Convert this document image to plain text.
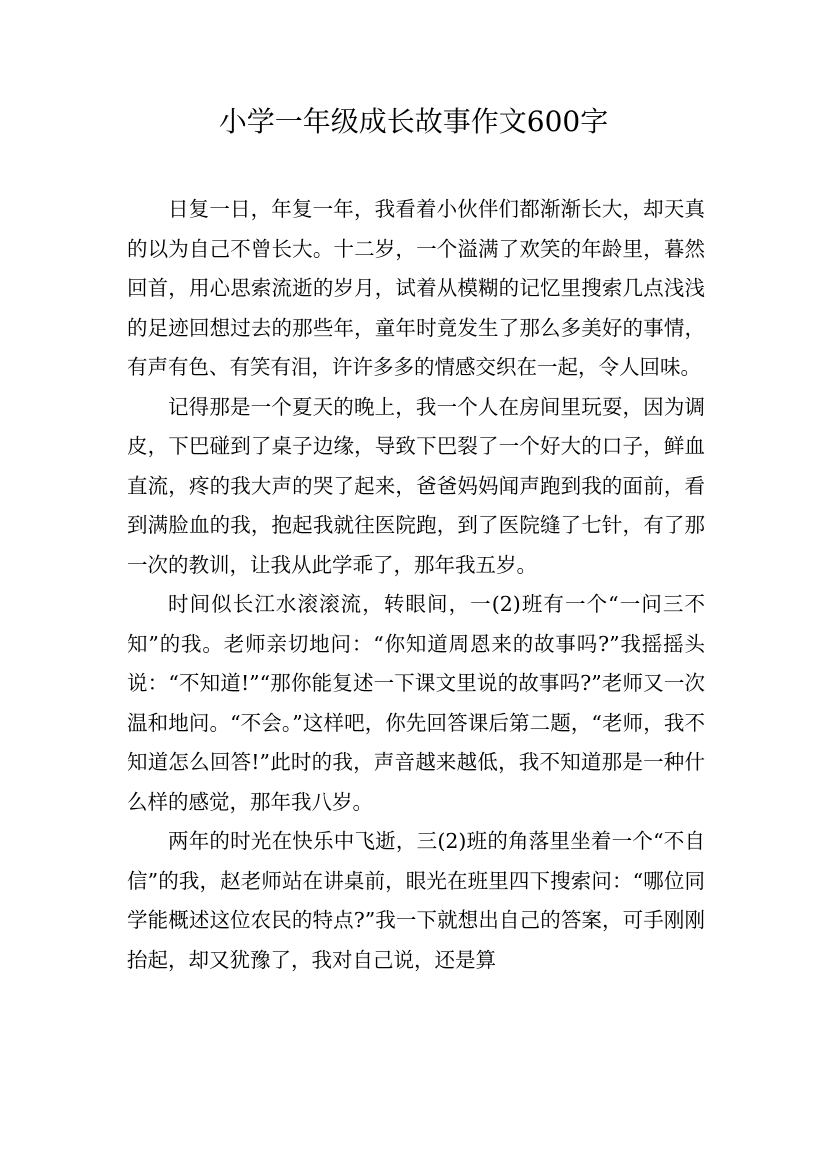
小学一年级成长故事作文600字

日复一日，年复一年，我看着小伙伴们都渐渐长大，却天真的以为自己不曾长大。十二岁，一个溢满了欢笑的年龄里，暮然回首，用心思索流逝的岁月，试着从模糊的记忆里搜索几点浅浅的足迹回想过去的那些年，童年时竟发生了那么多美好的事情，有声有色、有笑有泪，许许多多的情感交织在一起，令人回味。

记得那是一个夏天的晚上，我一个人在房间里玩耍，因为调皮，下巴碰到了桌子边缘，导致下巴裂了一个好大的口子，鲜血直流，疼的我大声的哭了起来，爸爸妈妈闻声跑到我的面前，看到满脸血的我，抱起我就往医院跑，到了医院缝了七针，有了那一次的教训，让我从此学乖了，那年我五岁。

时间似长江水滚滚流，转眼间，一(2)班有一个“一问三不知”的我。老师亲切地问：“你知道周恩来的故事吗?”我摇摇头说：“不知道!”“那你能复述一下课文里说的故事吗?”老师又一次温和地问。“不会。”这样吧，你先回答课后第二题，“老师，我不知道怎么回答!”此时的我，声音越来越低，我不知道那是一种什么样的感觉，那年我八岁。

两年的时光在快乐中飞逝，三(2)班的角落里坐着一个“不自信”的我，赵老师站在讲桌前，眼光在班里四下搜索问：“哪位同学能概述这位农民的特点?”我一下就想出自己的答案，可手刚刚抬起，却又犹豫了，我对自己说，还是算
